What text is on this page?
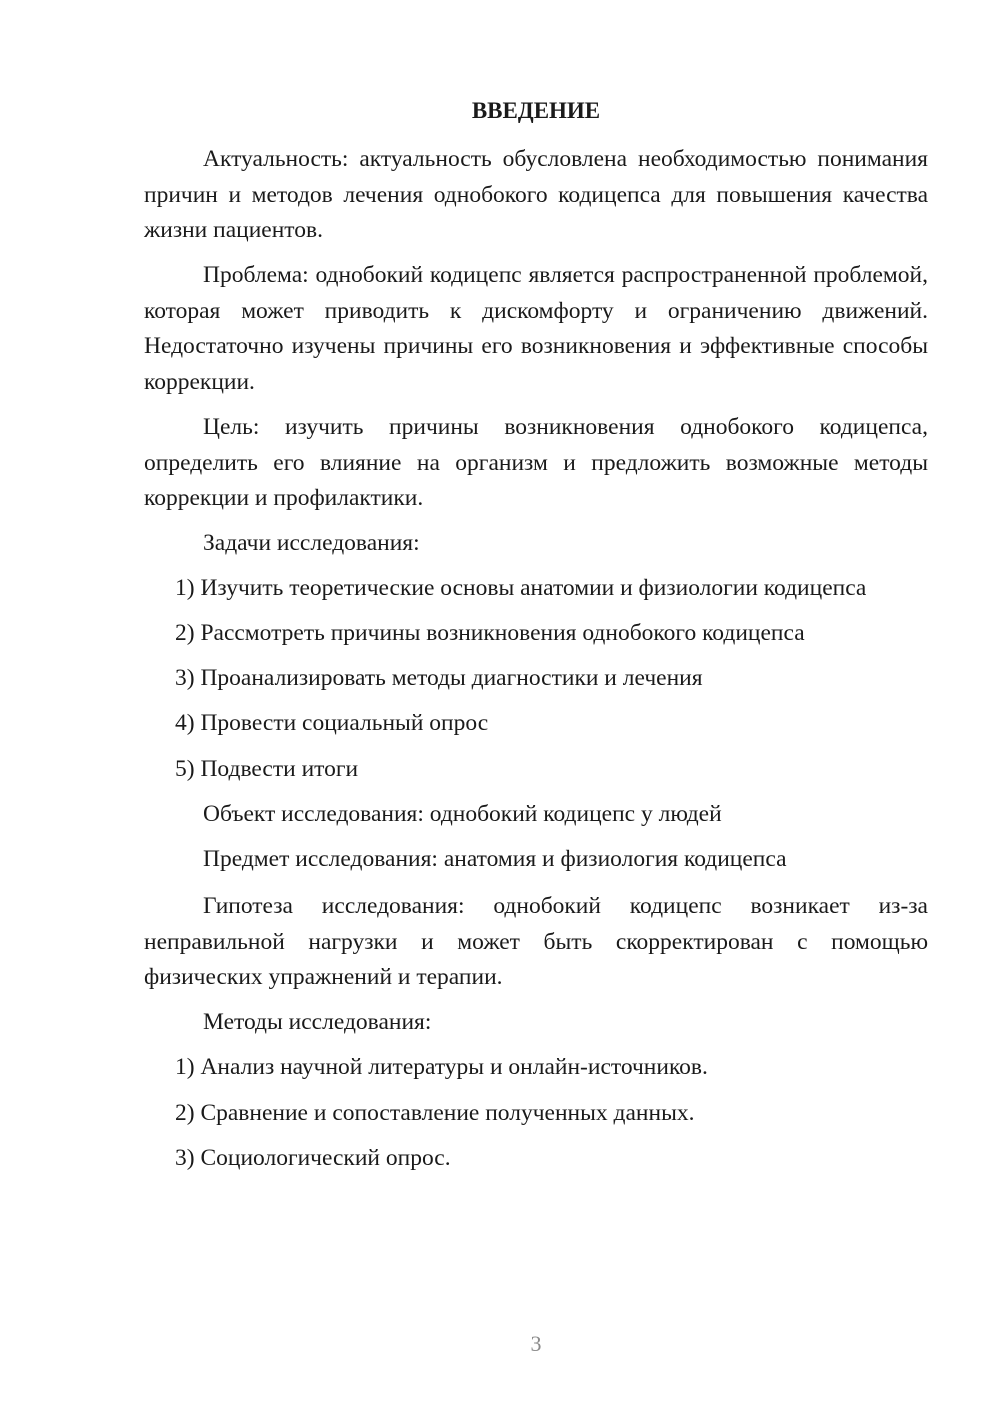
ВВЕДЕНИЕ

Актуальность: актуальность обусловлена необходимостью понимания причин и методов лечения однобокого кодицепса для повышения качества жизни пациентов.

Проблема: однобокий кодицепс является распространенной проблемой, которая может приводить к дискомфорту и ограничению движений. Недостаточно изучены причины его возникновения и эффективные способы коррекции.

Цель: изучить причины возникновения однобокого кодицепса, определить его влияние на организм и предложить возможные методы коррекции и профилактики.

Задачи исследования:

1) Изучить теоретические основы анатомии и физиологии кодицепса

2) Рассмотреть причины возникновения однобокого кодицепса

3) Проанализировать методы диагностики и лечения

4) Провести социальный опрос

5) Подвести итоги

Объект исследования: однобокий кодицепс у людей

Предмет исследования: анатомия и физиология кодицепса

Гипотеза исследования: однобокий кодицепс возникает из-за неправильной нагрузки и может быть скорректирован с помощью физических упражнений и терапии.

Методы исследования:

1) Анализ научной литературы и онлайн-источников.

2) Сравнение и сопоставление полученных данных.

3) Социологический опрос.

3
